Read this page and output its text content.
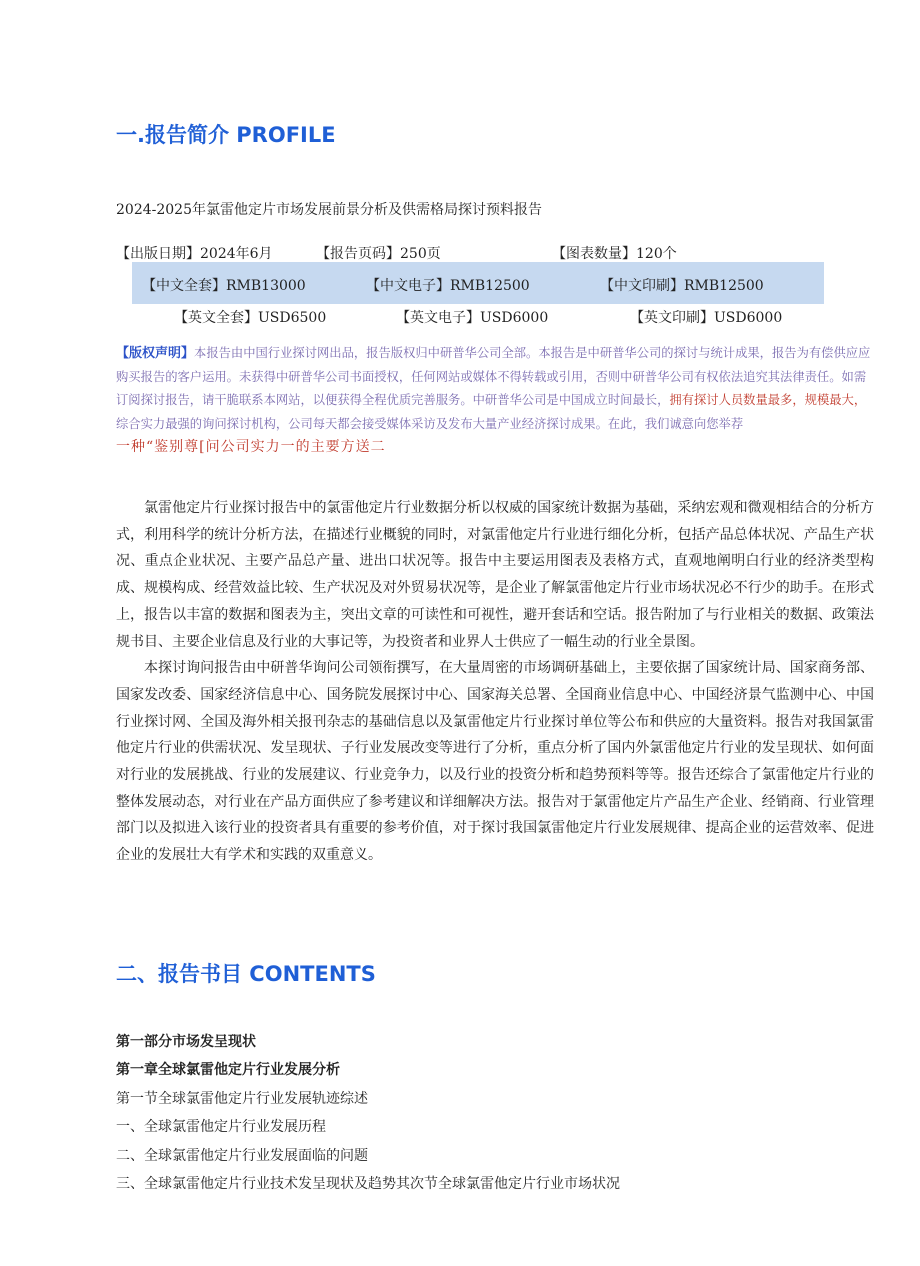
一.报告简介 PROFILE
2024-2025年氯雷他定片市场发展前景分析及供需格局探讨预料报告
【出版日期】2024年6月	【报告页码】250页	【图表数量】120个
【中文全套】RMB13000	【中文电子】RMB12500	【中文印刷】RMB12500
【英文全套】USD6500	【英文电子】USD6000	【英文印刷】USD6000
【版权声明】本报告由中国行业探讨网出品，报告版权归中研普华公司全部。本报告是中研普华公司的探讨与统计成果，报告为有偿供应应购买报告的客户运用。未获得中研普华公司书面授权，任何网站或媒体不得转载或引用，否则中研普华公司有权依法追究其法律责任。如需订阅探讨报告，请干脆联系本网站，以便获得全程优质完善服务。中研普华公司是中国成立时间最长，拥有探讨人员数量最多，规模最大，综合实力最强的询问探讨机构，公司每天都会接受媒体采访及发布大量产业经济探讨成果。在此，我们诚意向您举荐
一种“鉴别尊[问公司实力一的主要方送二

氯雷他定片行业探讨报告中的氯雷他定片行业数据分析以权威的国家统计数据为基础，采纳宏观和微观相结合的分析方式，利用科学的统计分析方法，在描述行业概貌的同时，对氯雷他定片行业进行细化分析，包括产品总体状况、产品生产状况、重点企业状况、主要产品总产量、进出口状况等。报告中主要运用图表及表格方式，直观地阐明白行业的经济类型构成、规模构成、经营效益比较、生产状况及对外贸易状况等，是企业了解氯雷他定片行业市场状况必不行少的助手。在形式上，报告以丰富的数据和图表为主，突出文章的可读性和可视性，避开套话和空话。报告附加了与行业相关的数据、政策法规书目、主要企业信息及行业的大事记等，为投资者和业界人士供应了一幅生动的行业全景图。

本探讨询问报告由中研普华询问公司领衔撰写，在大量周密的市场调研基础上，主要依据了国家统计局、国家商务部、国家发改委、国家经济信息中心、国务院发展探讨中心、国家海关总署、全国商业信息中心、中国经济景气监测中心、中国行业探讨网、全国及海外相关报刊杂志的基础信息以及氯雷他定片行业探讨单位等公布和供应的大量资料。报告对我国氯雷他定片行业的供需状况、发呈现状、子行业发展改变等进行了分析，重点分析了国内外氯雷他定片行业的发呈现状、如何面对行业的发展挑战、行业的发展建议、行业竞争力，以及行业的投资分析和趋势预料等等。报告还综合了氯雷他定片行业的整体发展动态，对行业在产品方面供应了参考建议和详细解决方法。报告对于氯雷他定片产品生产企业、经销商、行业管理部门以及拟进入该行业的投资者具有重要的参考价值，对于探讨我国氯雷他定片行业发展规律、提高企业的运营效率、促进企业的发展壮大有学术和实践的双重意义。

二、报告书目 CONTENTS
第一部分市场发呈现状
第一章全球氯雷他定片行业发展分析
第一节全球氯雷他定片行业发展轨迹综述
一、全球氯雷他定片行业发展历程
二、全球氯雷他定片行业发展面临的问题
三、全球氯雷他定片行业技术发呈现状及趋势其次节全球氯雷他定片行业市场状况
